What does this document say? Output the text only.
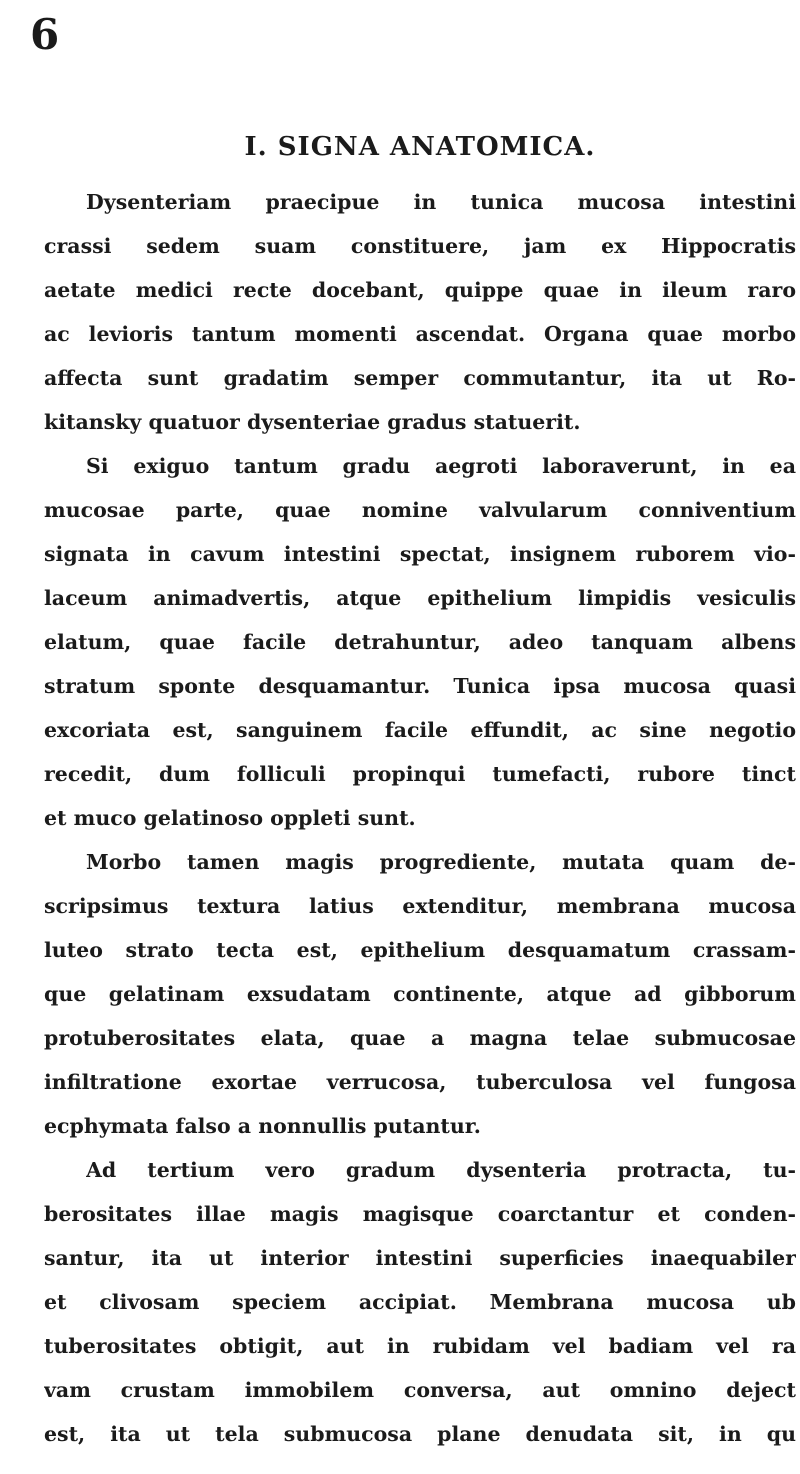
6
I. SIGNA ANATOMICA.
Dysenteriam praecipue in tunica mucosa intestini
crassi sedem suam constituere, jam ex Hippocratis
aetate medici recte docebant, quippe quae in ileum raro
ac levioris tantum momenti ascendat. Organa quae morbo
affecta sunt gradatim semper commutantur, ita ut Ro-
kitansky quatuor dysenteriae gradus statuerit.
Si exiguo tantum gradu aegroti laboraverunt, in ea
mucosae parte, quae nomine valvularum conniventium
signata in cavum intestini spectat, insignem ruborem vio-
laceum animadvertis, atque epithelium limpidis vesiculis
elatum, quae facile detrahuntur, adeo tanquam albens
stratum sponte desquamantur. Tunica ipsa mucosa quasi
excoriata est, sanguinem facile effundit, ac sine negotio
recedit, dum folliculi propinqui tumefacti, rubore tinct
et muco gelatinoso oppleti sunt.
Morbo tamen magis progrediente, mutata quam de-
scripsimus textura latius extenditur, membrana mucosa
luteo strato tecta est, epithelium desquamatum crassam-
que gelatinam exsudatam continente, atque ad gibborum
protuberositates elata, quae a magna telae submucosae
infiltratione exortae verrucosa, tuberculosa vel fungosa
ecphymata falso a nonnullis putantur.
Ad tertium vero gradum dysenteria protracta, tu-
berositates illae magis magisque coarctantur et conden-
santur, ita ut interior intestini superficies inaequabiler
et clivosam speciem accipiat. Membrana mucosa ub
tuberositates obtigit, aut in rubidam vel badiam vel ra
vam crustam immobilem conversa, aut omnino deject
est, ita ut tela submucosa plane denudata sit, in qu
